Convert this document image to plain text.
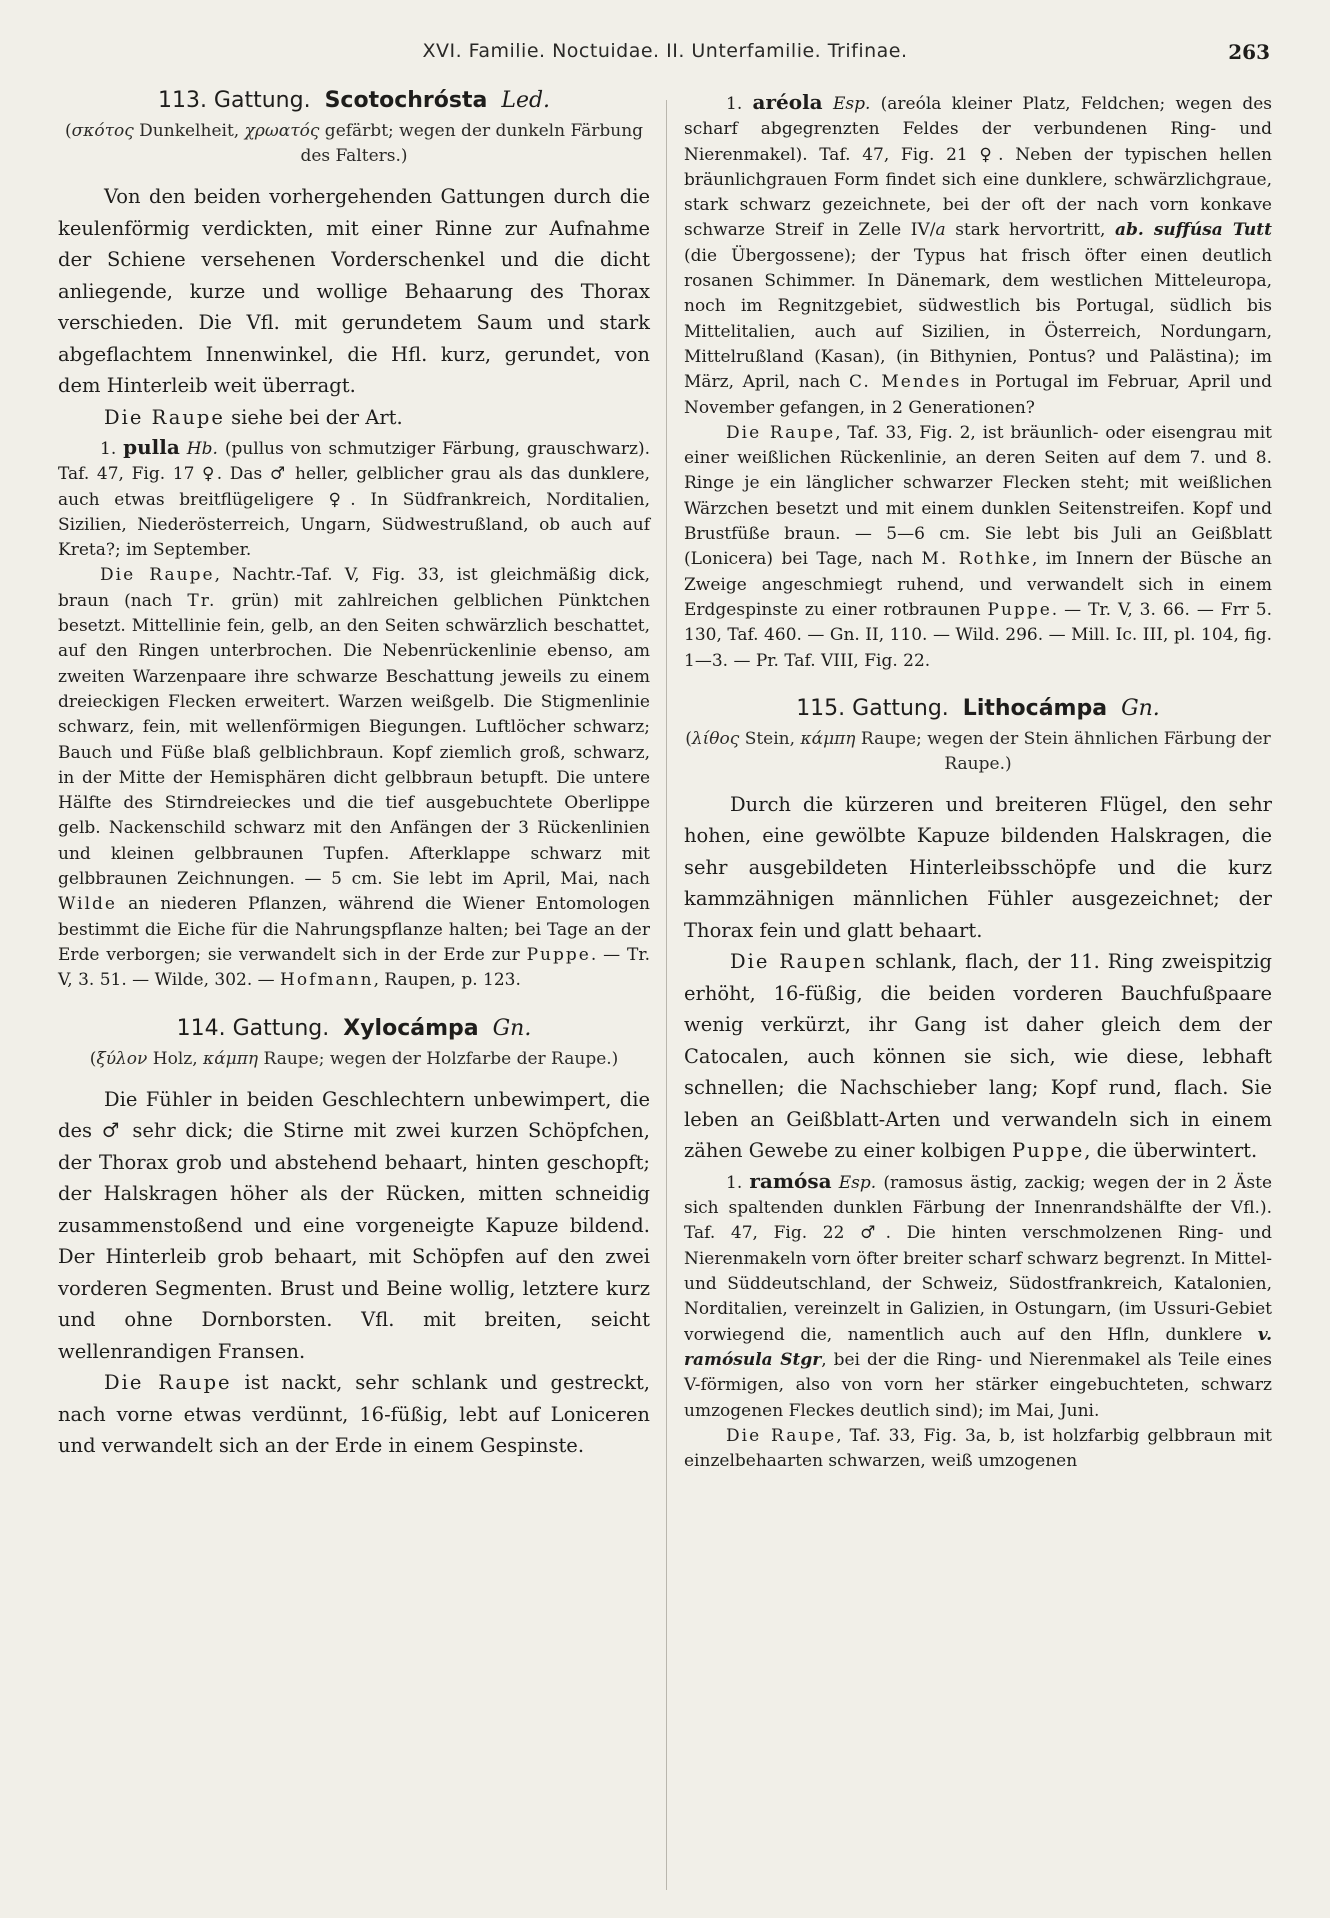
XVI. Familie. Noctuidae. II. Unterfamilie. Trifinae.	263
113. Gattung. Scotochrósta Led.
(σκότος Dunkelheit, χρωατός gefärbt; wegen der dunkeln Färbung des Falters.)

Von den beiden vorhergehenden Gattungen durch die keulenförmig verdickten, mit einer Rinne zur Aufnahme der Schiene versehenen Vorderschenkel und die dicht anliegende, kurze und wollige Behaarung des Thorax verschieden. Die Vfl. mit gerundetem Saum und stark abgeflachtem Innenwinkel, die Hfl. kurz, gerundet, von dem Hinterleib weit überragt.

Die Raupe siehe bei der Art.

1. pulla Hb. (pullus von schmutziger Färbung, grauschwarz). Taf. 47, Fig. 17 ♀. Das ♂ heller, gelblicher grau als das dunklere, auch etwas breitflügeligere ♀. In Südfrankreich, Norditalien, Sizilien, Niederösterreich, Ungarn, Südwestrußland, ob auch auf Kreta?; im September.

Die Raupe, Nachtr.-Taf. V, Fig. 33, ist gleichmäßig dick, braun (nach Tr. grün) mit zahlreichen gelblichen Pünktchen besetzt. Mittellinie fein, gelb, an den Seiten schwärzlich beschattet, auf den Ringen unterbrochen. Die Nebenrückenlinie ebenso, am zweiten Warzenpaare ihre schwarze Beschattung jeweils zu einem dreieckigen Flecken erweitert. Warzen weißgelb. Die Stigmenlinie schwarz, fein, mit wellenförmigen Biegungen. Luftlöcher schwarz; Bauch und Füße blaß gelblichbraun. Kopf ziemlich groß, schwarz, in der Mitte der Hemisphären dicht gelbbraun betupft. Die untere Hälfte des Stirndreieckes und die tief ausgebuchtete Oberlippe gelb. Nackenschild schwarz mit den Anfängen der 3 Rückenlinien und kleinen gelbbraunen Tupfen. Afterklappe schwarz mit gelbbraunen Zeichnungen. — 5 cm. Sie lebt im April, Mai, nach Wilde an niederen Pflanzen, während die Wiener Entomologen bestimmt die Eiche für die Nahrungspflanze halten; bei Tage an der Erde verborgen; sie verwandelt sich in der Erde zur Puppe. — Tr. V, 3. 51. — Wilde, 302. — Hofmann, Raupen, p. 123.

114. Gattung. Xylocámpa Gn.
(ξύλον Holz, κάμπη Raupe; wegen der Holzfarbe der Raupe.)

Die Fühler in beiden Geschlechtern unbewimpert, die des ♂ sehr dick; die Stirne mit zwei kurzen Schöpfchen, der Thorax grob und abstehend behaart, hinten geschopft; der Halskragen höher als der Rücken, mitten schneidig zusammenstoßend und eine vorgeneigte Kapuze bildend. Der Hinterleib grob behaart, mit Schöpfen auf den zwei vorderen Segmenten. Brust und Beine wollig, letztere kurz und ohne Dornborsten. Vfl. mit breiten, seicht wellenrandigen Fransen.

Die Raupe ist nackt, sehr schlank und gestreckt, nach vorne etwas verdünnt, 16-füßig, lebt auf Loniceren und verwandelt sich an der Erde in einem Gespinste.

1. aréola Esp. (areóla kleiner Platz, Feldchen; wegen des scharf abgegrenzten Feldes der verbundenen Ring- und Nierenmakel). Taf. 47, Fig. 21 ♀. Neben der typischen hellen bräunlichgrauen Form findet sich eine dunklere, schwärzlichgraue, stark schwarz gezeichnete, bei der oft der nach vorn konkave schwarze Streif in Zelle IV/a stark hervortritt, ab. suffúsa Tutt (die Übergossene); der Typus hat frisch öfter einen deutlich rosanen Schimmer. In Dänemark, dem westlichen Mitteleuropa, noch im Regnitzgebiet, südwestlich bis Portugal, südlich bis Mittelitalien, auch auf Sizilien, in Österreich, Nordungarn, Mittelrußland (Kasan), (in Bithynien, Pontus? und Palästina); im März, April, nach C. Mendes in Portugal im Februar, April und November gefangen, in 2 Generationen?

Die Raupe, Taf. 33, Fig. 2, ist bräunlich- oder eisengrau mit einer weißlichen Rückenlinie, an deren Seiten auf dem 7. und 8. Ringe je ein länglicher schwarzer Flecken steht; mit weißlichen Wärzchen besetzt und mit einem dunklen Seitenstreifen. Kopf und Brustfüße braun. — 5—6 cm. Sie lebt bis Juli an Geißblatt (Lonicera) bei Tage, nach M. Rothke, im Innern der Büsche an Zweige angeschmiegt ruhend, und verwandelt sich in einem Erdgespinste zu einer rotbraunen Puppe. — Tr. V, 3. 66. — Frr 5. 130, Taf. 460. — Gn. II, 110. — Wild. 296. — Mill. Ic. III, pl. 104, fig. 1—3. — Pr. Taf. VIII, Fig. 22.

115. Gattung. Lithocámpa Gn.
(λίθος Stein, κάμπη Raupe; wegen der Stein ähnlichen Färbung der Raupe.)

Durch die kürzeren und breiteren Flügel, den sehr hohen, eine gewölbte Kapuze bildenden Halskragen, die sehr ausgebildeten Hinterleibsschöpfe und die kurz kammzähnigen männlichen Fühler ausgezeichnet; der Thorax fein und glatt behaart.

Die Raupen schlank, flach, der 11. Ring zweispitzig erhöht, 16-füßig, die beiden vorderen Bauchfußpaare wenig verkürzt, ihr Gang ist daher gleich dem der Catocalen, auch können sie sich, wie diese, lebhaft schnellen; die Nachschieber lang; Kopf rund, flach. Sie leben an Geißblatt-Arten und verwandeln sich in einem zähen Gewebe zu einer kolbigen Puppe, die überwintert.

1. ramósa Esp. (ramosus ästig, zackig; wegen der in 2 Äste sich spaltenden dunklen Färbung der Innenrandshälfte der Vfl.). Taf. 47, Fig. 22 ♂. Die hinten verschmolzenen Ring- und Nierenmakeln vorn öfter breiter scharf schwarz begrenzt. In Mittel- und Süddeutschland, der Schweiz, Südostfrankreich, Katalonien, Norditalien, vereinzelt in Galizien, in Ostungarn, (im Ussuri-Gebiet vorwiegend die, namentlich auch auf den Hfln, dunklere v. ramósula Stgr, bei der die Ring- und Nierenmakel als Teile eines V-förmigen, also von vorn her stärker eingebuchteten, schwarz umzogenen Fleckes deutlich sind); im Mai, Juni.

Die Raupe, Taf. 33, Fig. 3a, b, ist holzfarbig gelbbraun mit einzelbehaarten schwarzen, weiß umzogenen
